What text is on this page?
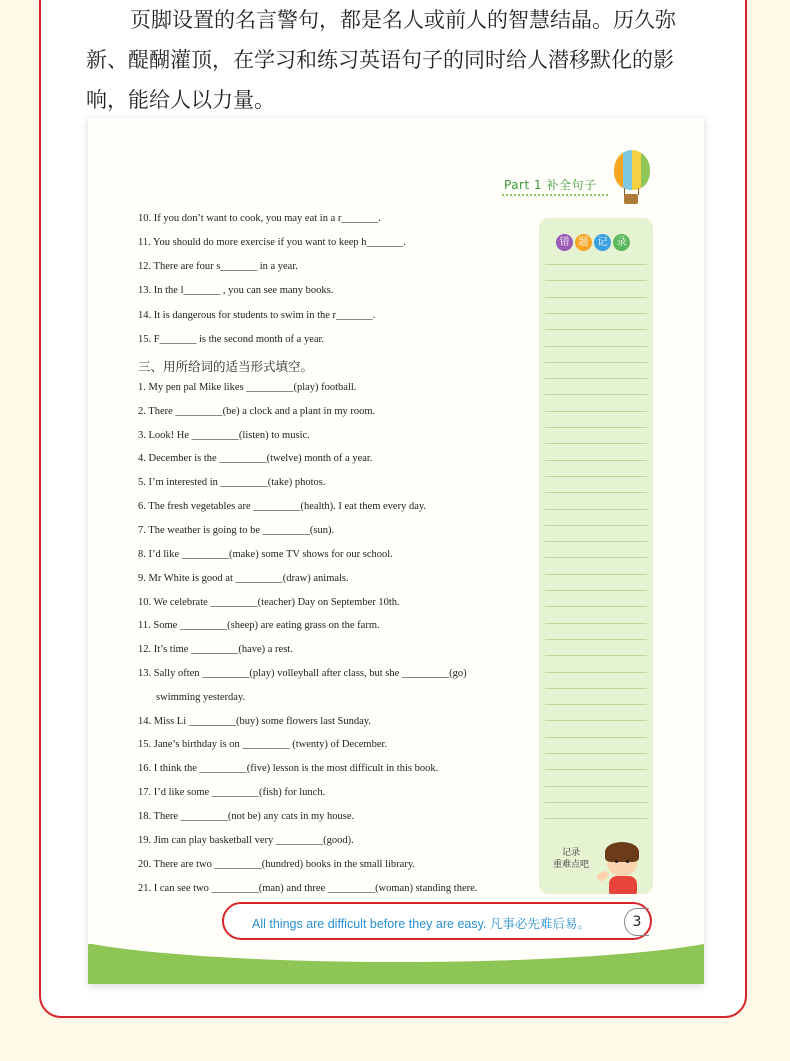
页脚设置的名言警句，都是名人或前人的智慧结晶。历久弥

新、醍醐灌顶，在学习和练习英语句子的同时给人潜移默化的影

响，能给人以力量。

Part 1 补全句子
10. If you don’t want to cook, you may eat in a r_______.
11. You should do more exercise if you want to keep h_______.
12. There are four s_______ in a year.
13. In the l_______ , you can see many books.
14. It is dangerous for students to swim in the r_______.
15. F_______ is the second month of a year.
三、用所给词的适当形式填空。
1. My pen pal Mike likes _________(play) football.
2. There _________(be) a clock and a plant in my room.
3. Look! He _________(listen) to music.
4. December is the _________(twelve) month of a year.
5. I’m interested in _________(take) photos.
6. The fresh vegetables are _________(health). I eat them every day.
7. The weather is going to be _________(sun).
8. I’d like _________(make) some TV shows for our school.
9. Mr White is good at _________(draw) animals.
10. We celebrate _________(teacher) Day on September 10th.
11. Some _________(sheep) are eating grass on the farm.
12. It’s time _________(have) a rest.
13. Sally often _________(play) volleyball after class, but she _________(go)
swimming yesterday.
14. Miss Li _________(buy) some flowers last Sunday.
15. Jane’s birthday is on _________ (twenty) of December.
16. I think the _________(five) lesson is the most difficult in this book.
17. I’d like some _________(fish) for lunch.
18. There _________(not be) any cats in my house.
19. Jim can play basketball very _________(good).
20. There are two _________(hundred) books in the small library.
21. I can see two _________(man) and three _________(woman) standing there.
错 题 记 录
记录
重难点吧
All things are difficult before they are easy. 凡事必先难后易。	3
